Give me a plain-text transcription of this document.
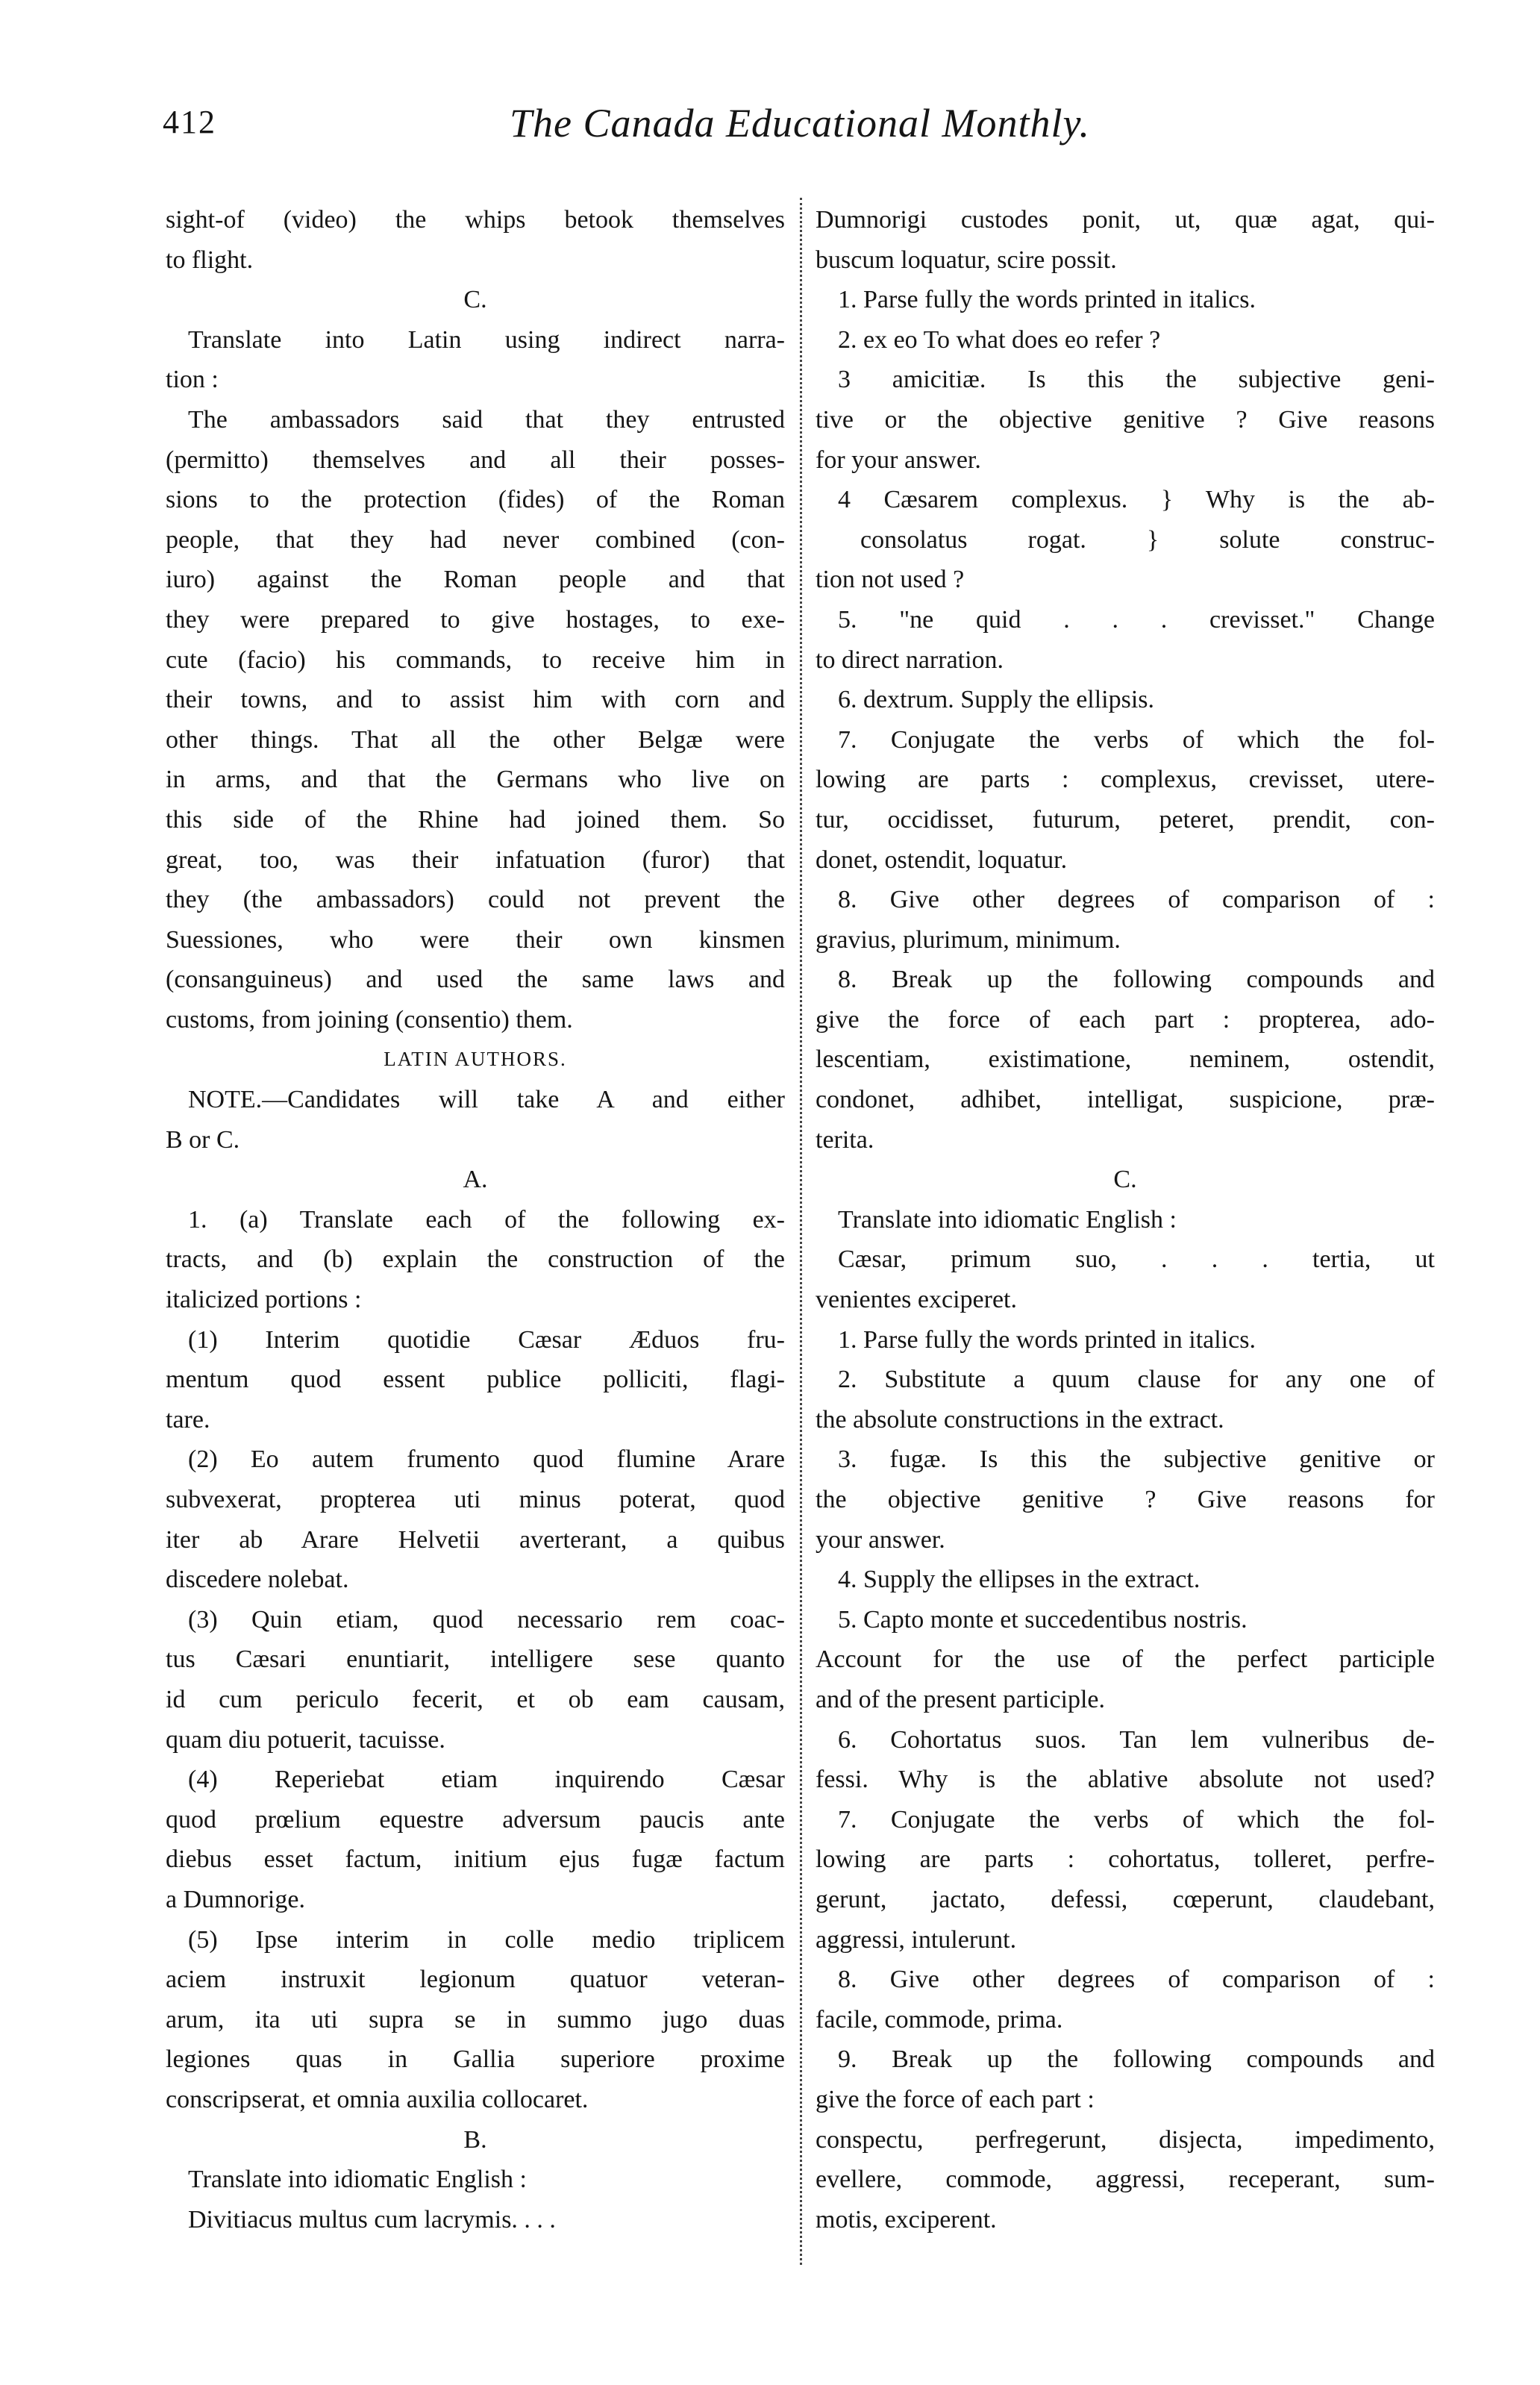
412	The Canada Educational Monthly.
sight-of (video) the whips betook themselves
to flight.
C.
Translate into Latin using indirect narra-
tion :
The ambassadors said that they entrusted
(permitto) themselves and all their posses-
sions to the protection (fides) of the Roman
people, that they had never combined (con-
iuro) against the Roman people and that
they were prepared to give hostages, to exe-
cute (facio) his commands, to receive him in
their towns, and to assist him with corn and
other things. That all the other Belgæ were
in arms, and that the Germans who live on
this side of the Rhine had joined them. So
great, too, was their infatuation (furor) that
they (the ambassadors) could not prevent the
Suessiones, who were their own kinsmen
(consanguineus) and used the same laws and
customs, from joining (consentio) them.
LATIN AUTHORS.
NOTE.—Candidates will take A and either
B or C.
A.
1. (a) Translate each of the following ex-
tracts, and (b) explain the construction of the
italicized portions :
(1) Interim quotidie Cæsar Æduos fru-
mentum quod essent publice polliciti, flagi-
tare.
(2) Eo autem frumento quod flumine Arare
subvexerat, propterea uti minus poterat, quod
iter ab Arare Helvetii averterant, a quibus
discedere nolebat.
(3) Quin etiam, quod necessario rem coac-
tus Cæsari enuntiarit, intelligere sese quanto
id cum periculo fecerit, et ob eam causam,
quam diu potuerit, tacuisse.
(4) Reperiebat etiam inquirendo Cæsar
quod prœlium equestre adversum paucis ante
diebus esset factum, initium ejus fugæ factum
a Dumnorige.
(5) Ipse interim in colle medio triplicem
aciem instruxit legionum quatuor veteran-
arum, ita uti supra se in summo jugo duas
legiones quas in Gallia superiore proxime
conscripserat, et omnia auxilia collocaret.
B.
Translate into idiomatic English :
Divitiacus multus cum lacrymis. . . .
Dumnorigi custodes ponit, ut, quæ agat, qui-
buscum loquatur, scire possit.
1. Parse fully the words printed in italics.
2. ex eo To what does eo refer ?
3 amicitiæ. Is this the subjective geni-
tive or the objective genitive ? Give reasons
for your answer.
4 Cæsarem complexus. } Why is the ab-
consolatus rogat. } solute construc-
tion not used ?
5. "ne quid . . . crevisset." Change
to direct narration.
6. dextrum. Supply the ellipsis.
7. Conjugate the verbs of which the fol-
lowing are parts : complexus, crevisset, utere-
tur, occidisset, futurum, peteret, prendit, con-
donet, ostendit, loquatur.
8. Give other degrees of comparison of :
gravius, plurimum, minimum.
8. Break up the following compounds and
give the force of each part : propterea, ado-
lescentiam, existimatione, neminem, ostendit,
condonet, adhibet, intelligat, suspicione, præ-
terita.
C.
Translate into idiomatic English :
Cæsar, primum suo, . . . tertia, ut
venientes exciperet.
1. Parse fully the words printed in italics.
2. Substitute a quum clause for any one of
the absolute constructions in the extract.
3. fugæ. Is this the subjective genitive or
the objective genitive ? Give reasons for
your answer.
4. Supply the ellipses in the extract.
5. Capto monte et succedentibus nostris.
Account for the use of the perfect participle
and of the present participle.
6. Cohortatus suos. Tan lem vulneribus de-
fessi. Why is the ablative absolute not used?
7. Conjugate the verbs of which the fol-
lowing are parts : cohortatus, tolleret, perfre-
gerunt, jactato, defessi, cœperunt, claudebant,
aggressi, intulerunt.
8. Give other degrees of comparison of :
facile, commode, prima.
9. Break up the following compounds and
give the force of each part :
conspectu, perfregerunt, disjecta, impedimento,
evellere, commode, aggressi, receperant, sum-
motis, exciperent.
